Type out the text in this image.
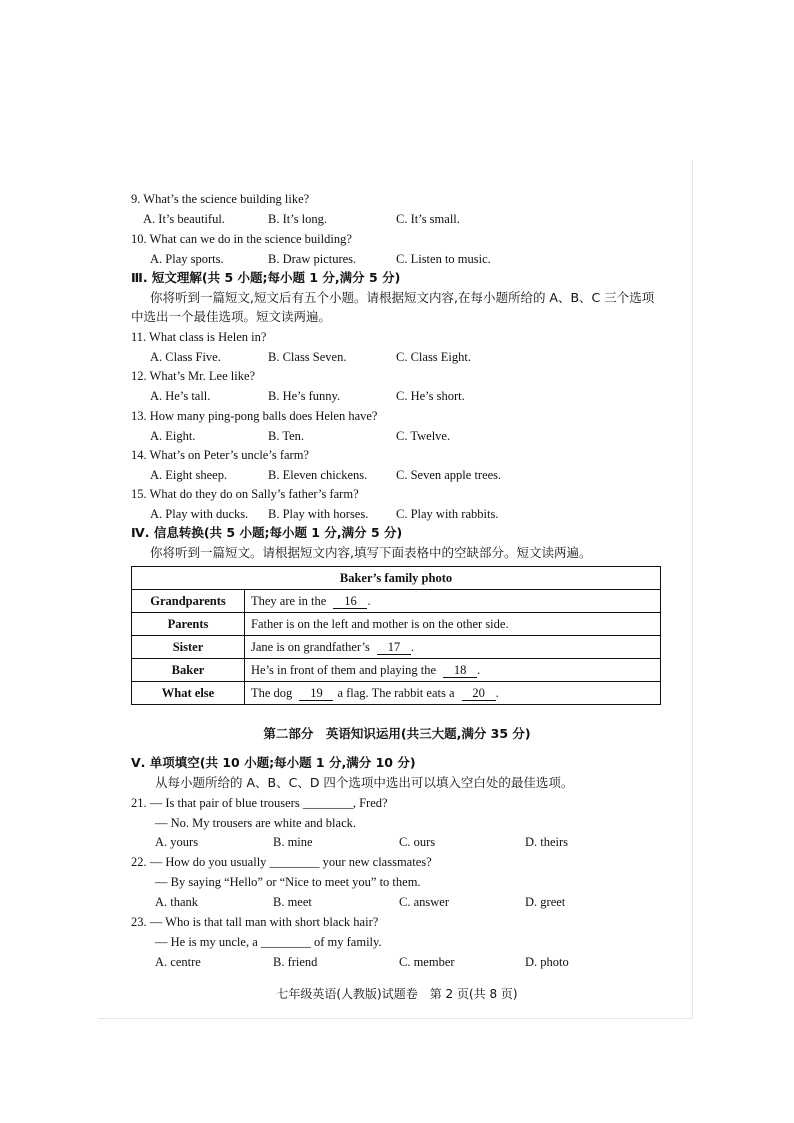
9. What’s the science building like?
A. It’s beautiful.	B. It’s long.	C. It’s small.
10. What can we do in the science building?
A. Play sports.	B. Draw pictures.	C. Listen to music.
Ⅲ. 短文理解(共 5 小题;每小题 1 分,满分 5 分)
你将听到一篇短文,短文后有五个小题。请根据短文内容,在每小题所给的 A、B、C 三个选项
中选出一个最佳选项。短文读两遍。
11. What class is Helen in?
A. Class Five.	B. Class Seven.	C. Class Eight.
12. What’s Mr. Lee like?
A. He’s tall.	B. He’s funny.	C. He’s short.
13. How many ping-pong balls does Helen have?
A. Eight.	B. Ten.	C. Twelve.
14. What’s on Peter’s uncle’s farm?
A. Eight sheep.	B. Eleven chickens. C. Seven apple trees.
15. What do they do on Sally’s father’s farm?
A. Play with ducks. B. Play with horses. C. Play with rabbits.
Ⅳ. 信息转换(共 5 小题;每小题 1 分,满分 5 分)
你将听到一篇短文。请根据短文内容,填写下面表格中的空缺部分。短文读两遍。
Baker’s family photo	
Grandparents	They are in the 16 .
Parents	Father is on the left and mother is on the other side.
Sister	Jane is on grandfather’s 17 .
Baker	He’s in front of them and playing the 18 .
What else	The dog 19 a flag. The rabbit eats a 20 .
第二部分　英语知识运用(共三大题,满分 35 分)
Ⅴ. 单项填空(共 10 小题;每小题 1 分,满分 10 分)
从每小题所给的 A、B、C、D 四个选项中选出可以填入空白处的最佳选项。
21. — Is that pair of blue trousers ________, Fred?
— No. My trousers are white and black.
A. yours	B. mine	C. ours	D. theirs
22. — How do you usually ________ your new classmates?
— By saying “Hello” or “Nice to meet you” to them.
A. thank	B. meet	C. answer	D. greet
23. — Who is that tall man with short black hair?
— He is my uncle, a ________ of my family.
A. centre	B. friend	C. member	D. photo
七年级英语(人教版)试题卷　第 2 页(共 8 页)
